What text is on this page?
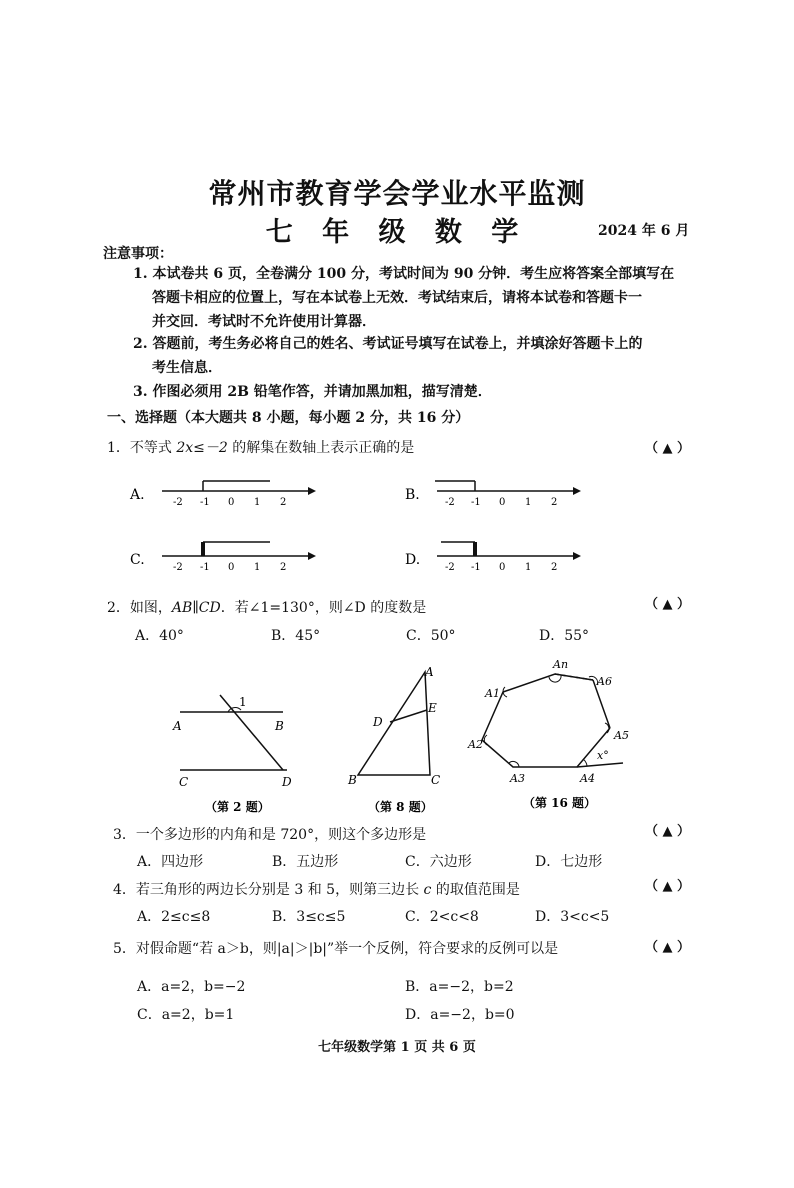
常州市教育学会学业水平监测
七 年 级 数 学	2024 年 6 月
注意事项：
1. 本试卷共 6 页，全卷满分 100 分，考试时间为 90 分钟．考生应将答案全部填写在
答题卡相应的位置上，写在本试卷上无效．考试结束后，请将本试卷和答题卡一
并交回．考试时不允许使用计算器．
2. 答题前，考生务必将自己的姓名、考试证号填写在试卷上，并填涂好答题卡上的
考生信息．
3. 作图必须用 2B 铅笔作答，并请加黑加粗，描写清楚．
一、选择题（本大题共 8 小题，每小题 2 分，共 16 分）
1．不等式 2x≤－2 的解集在数轴上表示正确的是	（ ▲ ）
A.	-2 -1 0 1 2	B.	-2 -1 0 1 2
C.	-2 -1 0 1 2	D. -2 -1 0 1 2
2．如图，AB∥CD．若∠1=130°，则∠D 的度数是	（ ▲ ）
A．40°	B．45°	C．50°	D．55°
1
A	B
C	D
（第 2 题）
A
D
E
B	C
（第 8 题）
An
A1
A6
A2
A5
A3	A4
x°
（第 16 题）
3．一个多边形的内角和是 720°，则这个多边形是	（ ▲ ）
A．四边形	B．五边形	C．六边形	D．七边形
4．若三角形的两边长分别是 3 和 5，则第三边长 c 的取值范围是	（ ▲ ）
A．2≤c≤8	B．3≤c≤5	C．2<c<8	D．3<c<5
5．对假命题“若 a＞b，则|a|＞|b|”举一个反例，符合要求的反例可以是	（ ▲ ）
A．a=2，b=−2	B．a=−2，b=2
C．a=2，b=1	D．a=−2，b=0
七年级数学第 1 页 共 6 页
